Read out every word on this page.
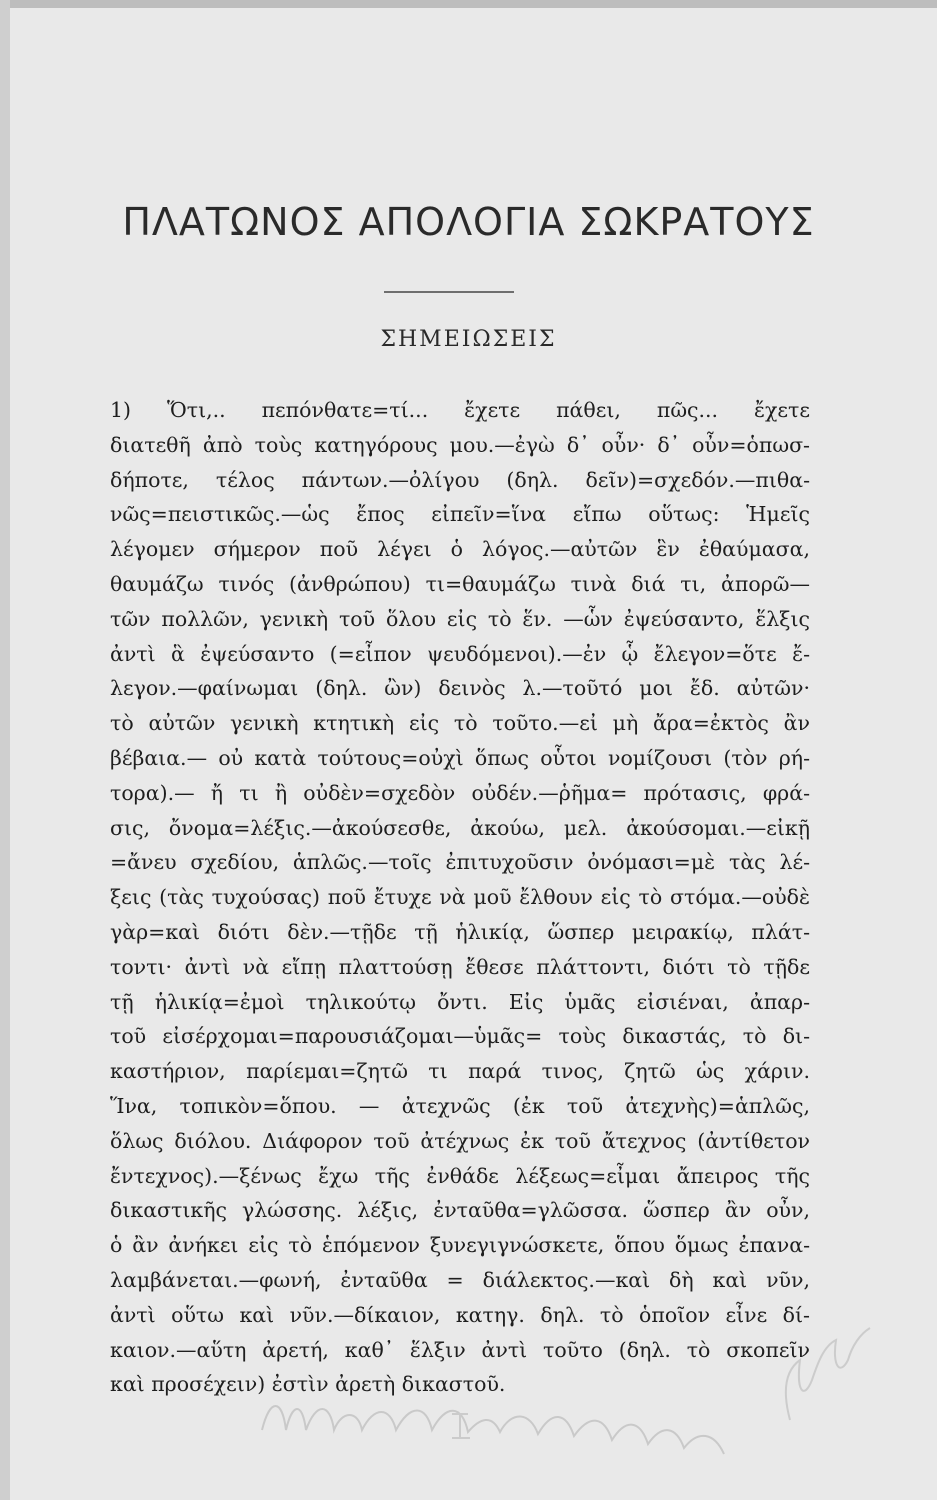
ΠΛΑΤΩΝΟΣ ΑΠΟΛΟΓΙΑ ΣΩΚΡΑΤΟΥΣ
ΣΗΜΕΙΩΣΕΙΣ
1) Ὅτι,.. πεπόνθατε=τί... ἔχετε πάθει, πῶς... ἔχετε
διατεθῆ ἀπὸ τοὺς κατηγόρους μου.—ἐγὼ δ᾽ οὖν· δ᾽ οὖν=ὁπωσ-
δήποτε, τέλος πάντων.—ὀλίγου (δηλ. δεῖν)=σχεδόν.—πιθα-
νῶς=πειστικῶς.—ὡς ἔπος εἰπεῖν=ἵνα εἴπω οὕτως: Ἡμεῖς
λέγομεν σήμερον ποῦ λέγει ὁ λόγος.—αὐτῶν ἓν ἐθαύμασα,
θαυμάζω τινός (ἀνθρώπου) τι=θαυμάζω τινὰ διά τι, ἀπορῶ—
τῶν πολλῶν, γενικὴ τοῦ ὅλου εἰς τὸ ἕν. —ὧν ἐψεύσαντο, ἕλξις
ἀντὶ ἃ ἐψεύσαντο (=εἶπον ψευδόμενοι).—ἐν ᾧ ἔλεγον=ὅτε ἔ-
λεγον.—φαίνωμαι (δηλ. ὢν) δεινὸς λ.—τοῦτό μοι ἔδ. αὐτῶν·
τὸ αὐτῶν γενικὴ κτητικὴ εἰς τὸ τοῦτο.—εἰ μὴ ἄρα=ἐκτὸς ἂν
βέβαια.— οὐ κατὰ τούτους=οὐχὶ ὅπως οὗτοι νομίζουσι (τὸν ρή-
τορα).— ἤ τι ἢ οὐδὲν=σχεδὸν οὐδέν.—ῥῆμα= πρότασις, φρά-
σις, ὄνομα=λέξις.—ἀκούσεσθε, ἀκούω, μελ. ἀκούσομαι.—εἰκῇ
=ἄνευ σχεδίου, ἁπλῶς.—τοῖς ἐπιτυχοῦσιν ὀνόμασι=μὲ τὰς λέ-
ξεις (τὰς τυχούσας) ποῦ ἔτυχε νὰ μοῦ ἔλθουν εἰς τὸ στόμα.—οὐδὲ
γὰρ=καὶ διότι δὲν.—τῇδε τῇ ἡλικίᾳ, ὥσπερ μειρακίῳ, πλάτ-
τοντι· ἀντὶ νὰ εἴπῃ πλαττούσῃ ἔθεσε πλάττοντι, διότι τὸ τῇδε
τῇ ἡλικίᾳ=ἐμοὶ τηλικούτῳ ὄντι. Εἰς ὑμᾶς εἰσιέναι, ἀπαρ-
τοῦ εἰσέρχομαι=παρουσιάζομαι—ὑμᾶς= τοὺς δικαστάς, τὸ δι-
καστήριον, παρίεμαι=ζητῶ τι παρά τινος, ζητῶ ὡς χάριν.
Ἵνα, τοπικὸν=ὅπου. — ἀτεχνῶς (ἐκ τοῦ ἀτεχνὴς)=ἁπλῶς,
ὅλως διόλου. Διάφορον τοῦ ἀτέχνως ἐκ τοῦ ἄτεχνος (ἀντίθετον
ἔντεχνος).—ξένως ἔχω τῆς ἐνθάδε λέξεως=εἶμαι ἄπειρος τῆς
δικαστικῆς γλώσσης. λέξις, ἐνταῦθα=γλῶσσα. ὥσπερ ἂν οὖν,
ὁ ἂν ἀνήκει εἰς τὸ ἑπόμενον ξυνεγιγνώσκετε, ὅπου ὅμως ἐπανα-
λαμβάνεται.—φωνή, ἐνταῦθα = διάλεκτος.—καὶ δὴ καὶ νῦν,
ἀντὶ οὕτω καὶ νῦν.—δίκαιον, κατηγ. δηλ. τὸ ὁποῖον εἶνε δί-
καιον.—αὕτη ἀρετή, καθ᾽ ἕλξιν ἀντὶ τοῦτο (δηλ. τὸ σκοπεῖν
καὶ προσέχειν) ἐστὶν ἀρετὴ δικαστοῦ.
